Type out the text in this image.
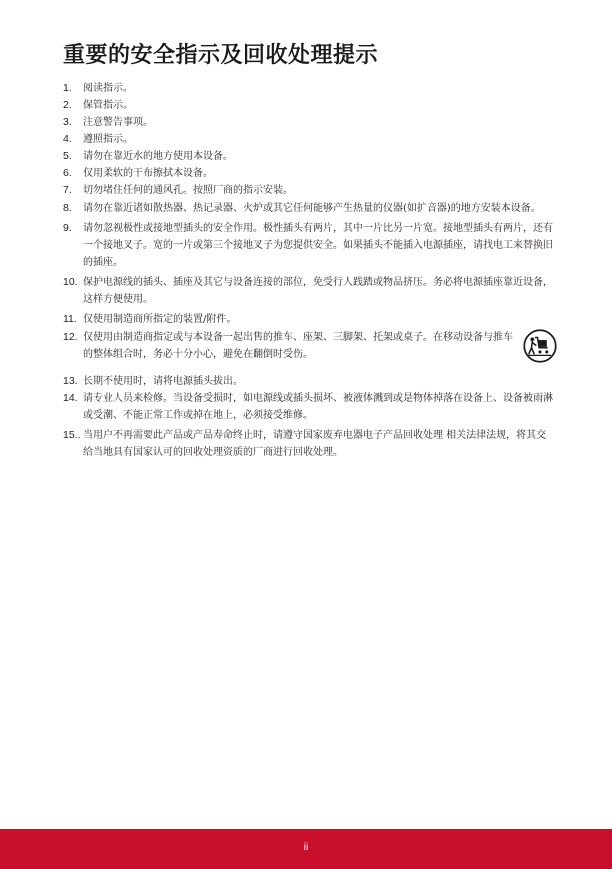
重要的安全指示及回收处理提示
1.	阅读指示。
2.	保管指示。
3.	注意警告事项。
4.	遵照指示。
5.	请勿在靠近水的地方使用本设备。
6.	仅用柔软的干布擦拭本设备。
7.	切勿堵住任何的通风孔。按照厂商的指示安装。
8.	请勿在靠近诸如散热器、热记录器、火炉或其它任何能够产生热量的仪器(如扩音器)的地方安装本设备。
9.	请勿忽视极性或接地型插头的安全作用。极性插头有两片，其中一片比另一片宽。接地型插头有两片，还有一个接地叉子。宽的一片或第三个接地叉子为您提供安全。如果插头不能插入电源插座，请找电工来替换旧的插座。
10. 保护电源线的插头、插座及其它与设备连接的部位，免受行人践踏或物品挤压。务必将电源插座靠近设备，这样方便使用。
11. 仅使用制造商所指定的装置/附件。
12. 仅使用由制造商指定或与本设备一起出售的推车、座架、三脚架、托架或桌子。在移动设备与推车的整体组合时，务必十分小心，避免在翻倒时受伤。
13. 长期不使用时，请将电源插头拔出。
14. 请专业人员来检修。当设备受损时，如电源线或插头损坏、被液体溅到或是物体掉落在设备上、设备被雨淋或受潮、不能正常工作或掉在地上，必须接受维修。
15.. 当用户不再需要此产品或产品寿命终止时，请遵守国家废弃电器电子产品回收处理 相关法律法规，将其交给当地具有国家认可的回收处理资质的厂商进行回收处理。
ii
